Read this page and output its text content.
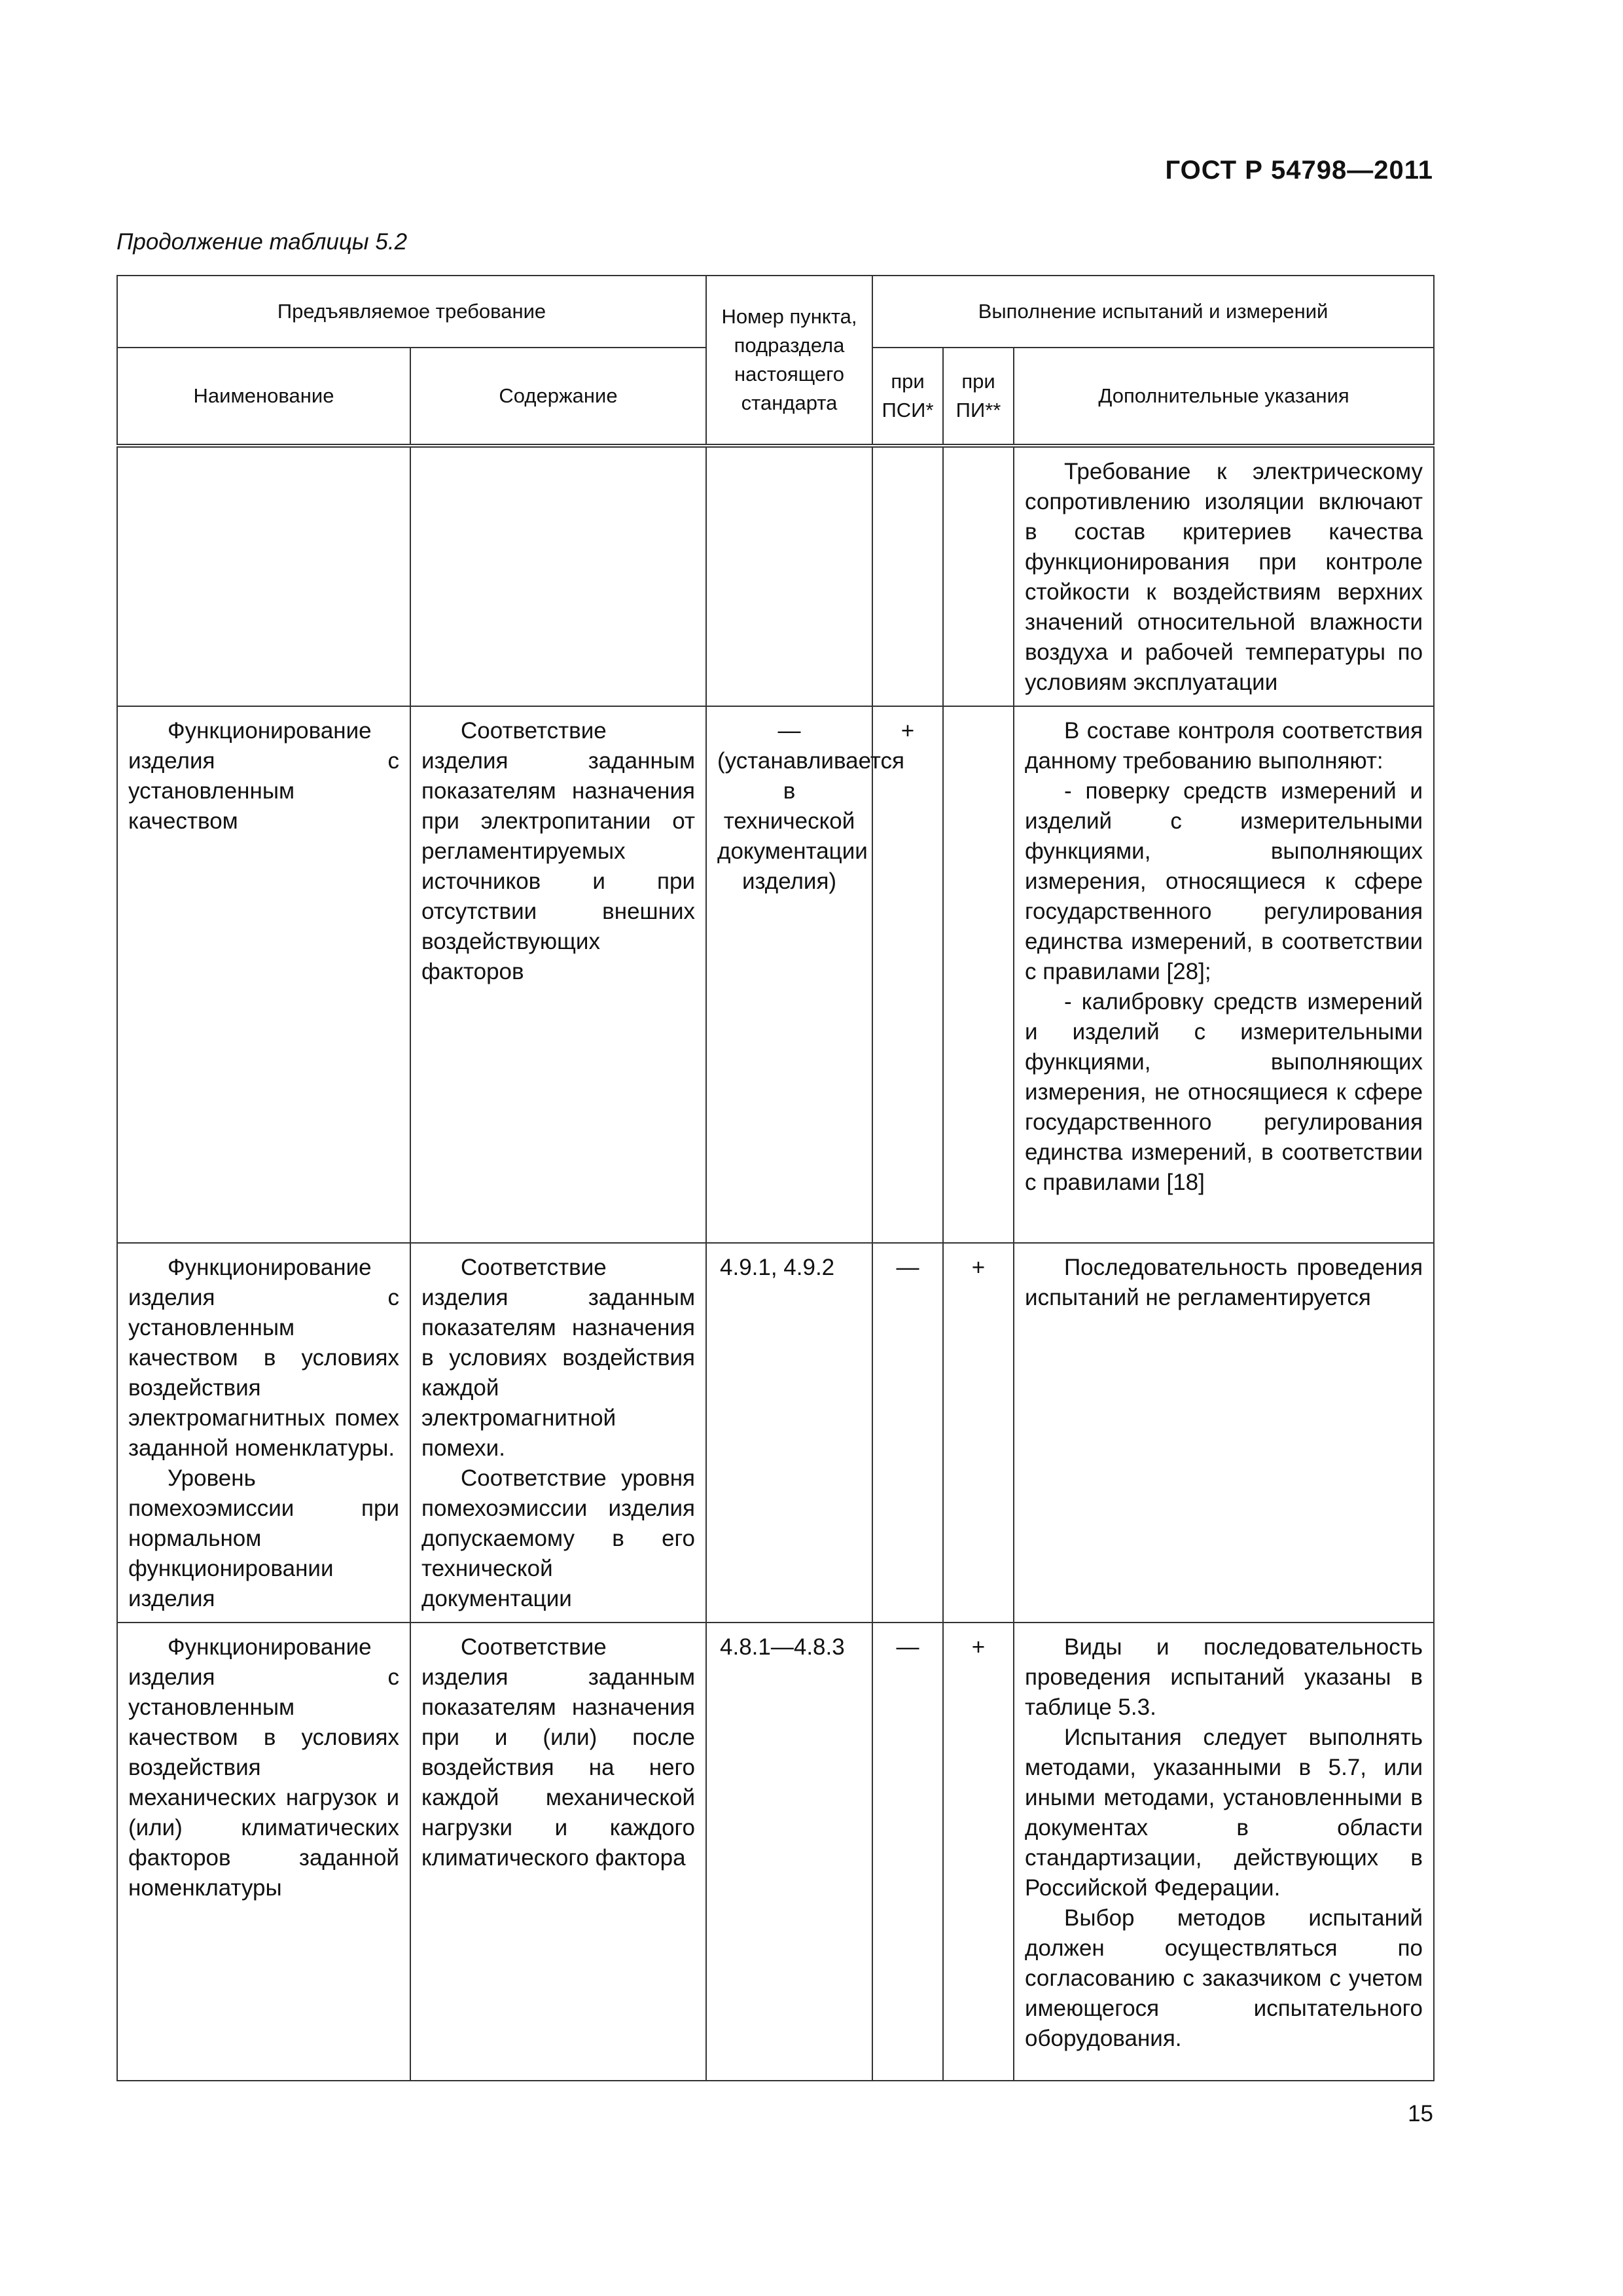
ГОСТ Р 54798—2011
Продолжение таблицы 5.2
Предъявляемое требование		Номер пункта, подраздела настоящего стандарта	Выполнение испытаний и измерений		
Наименование	Содержание		при ПСИ*	при ПИ**	Дополнительные указания

					Требование к электрическому сопротивлению изоляции включают в состав критериев качества функционирования при контроле стойкости к воздействиям верхних значений относительной влажности воздуха и рабочей температуры по условиям эксплуатации

Функционирование изделия с установленным качеством	Соответствие изделия заданным показателям назначения при электропитании от регламентируемых источников и при отсутствии внешних воздействующих факторов	— (устанавливается в технической документации изделия)	+		В составе контроля соответствия данному требованию выполняют:
- поверку средств измерений и изделий с измерительными функциями, выполняющих измерения, относящиеся к сфере государственного регулирования единства измерений, в соответствии с правилами [28];
- калибровку средств измерений и изделий с измерительными функциями, выполняющих измерения, не относящиеся к сфере государственного регулирования единства измерений, в соответствии с правилами [18]

Функционирование изделия с установленным качеством в условиях воздействия электромагнитных помех заданной номенклатуры.
Уровень помехоэмиссии при нормальном функционировании изделия	Соответствие изделия заданным показателям назначения в условиях воздействия каждой электромагнитной помехи.
Соответствие уровня помехоэмиссии изделия допускаемому в его технической документации	4.9.1, 4.9.2	—	+	Последовательность проведения испытаний не регламентируется

Функционирование изделия с установленным качеством в условиях воздействия механических нагрузок и (или) климатических факторов заданной номенклатуры	Соответствие изделия заданным показателям назначения при и (или) после воздействия на него каждой механической нагрузки и каждого климатического фактора	4.8.1—4.8.3	—	+	Виды и последовательность проведения испытаний указаны в таблице 5.3.
Испытания следует выполнять методами, указанными в 5.7, или иными методами, установленными в документах в области стандартизации, действующих в Российской Федерации.
Выбор методов испытаний должен осуществляться по согласованию с заказчиком с учетом имеющегося испытательного оборудования.
15
